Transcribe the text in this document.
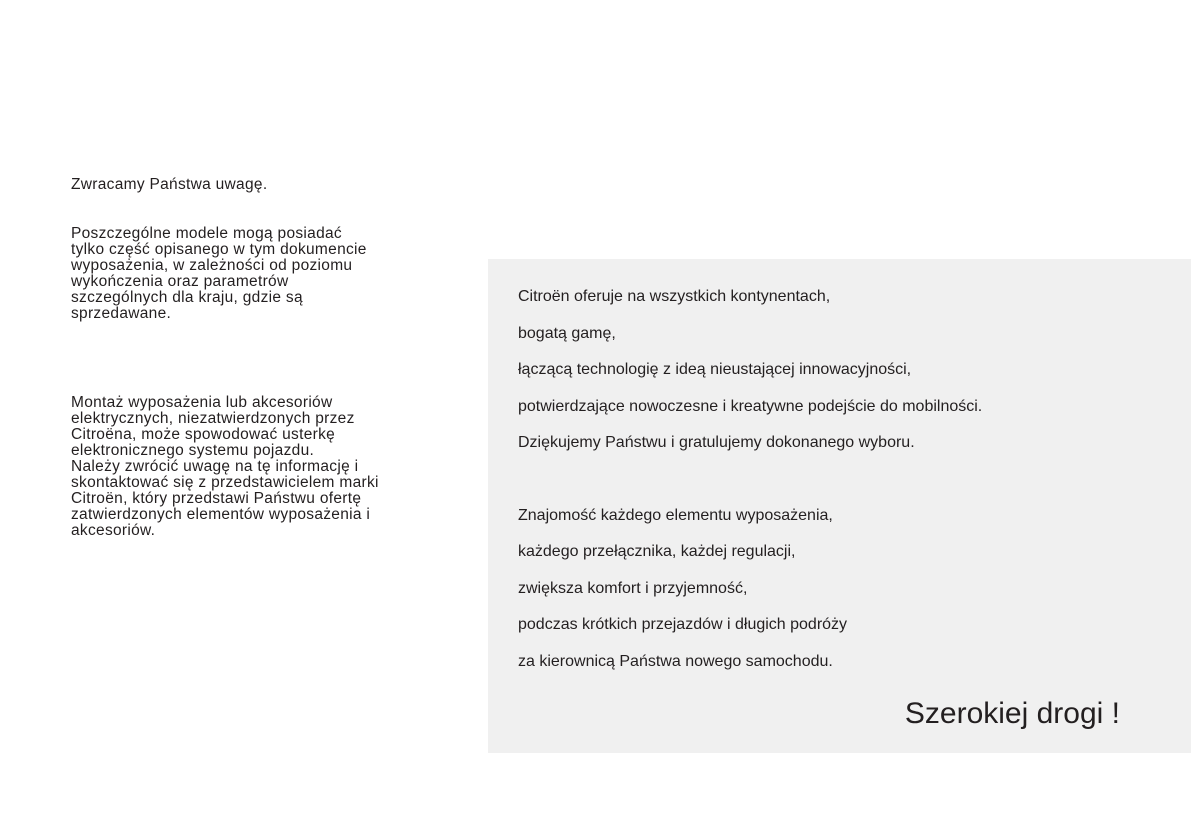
Zwracamy Państwa uwagę.

Poszczególne modele mogą posiadać
tylko część opisanego w tym dokumencie
wyposażenia, w zależności od poziomu
wykończenia oraz parametrów
szczególnych dla kraju, gdzie są
sprzedawane.

Montaż wyposażenia lub akcesoriów
elektrycznych, niezatwierdzonych przez
Citroëna, może spowodować usterkę
elektronicznego systemu pojazdu.
Należy zwrócić uwagę na tę informację i
skontaktować się z przedstawicielem marki
Citroën, który przedstawi Państwu ofertę
zatwierdzonych elementów wyposażenia i
akcesoriów.

Citroën oferuje na wszystkich kontynentach,

bogatą gamę,

łączącą technologię z ideą nieustającej innowacyjności,

potwierdzające nowoczesne i kreatywne podejście do mobilności.

Dziękujemy Państwu i gratulujemy dokonanego wyboru.

Znajomość każdego elementu wyposażenia,

każdego przełącznika, każdej regulacji,

zwiększa komfort i przyjemność,

podczas krótkich przejazdów i długich podróży

za kierownicą Państwa nowego samochodu.

Szerokiej drogi !
